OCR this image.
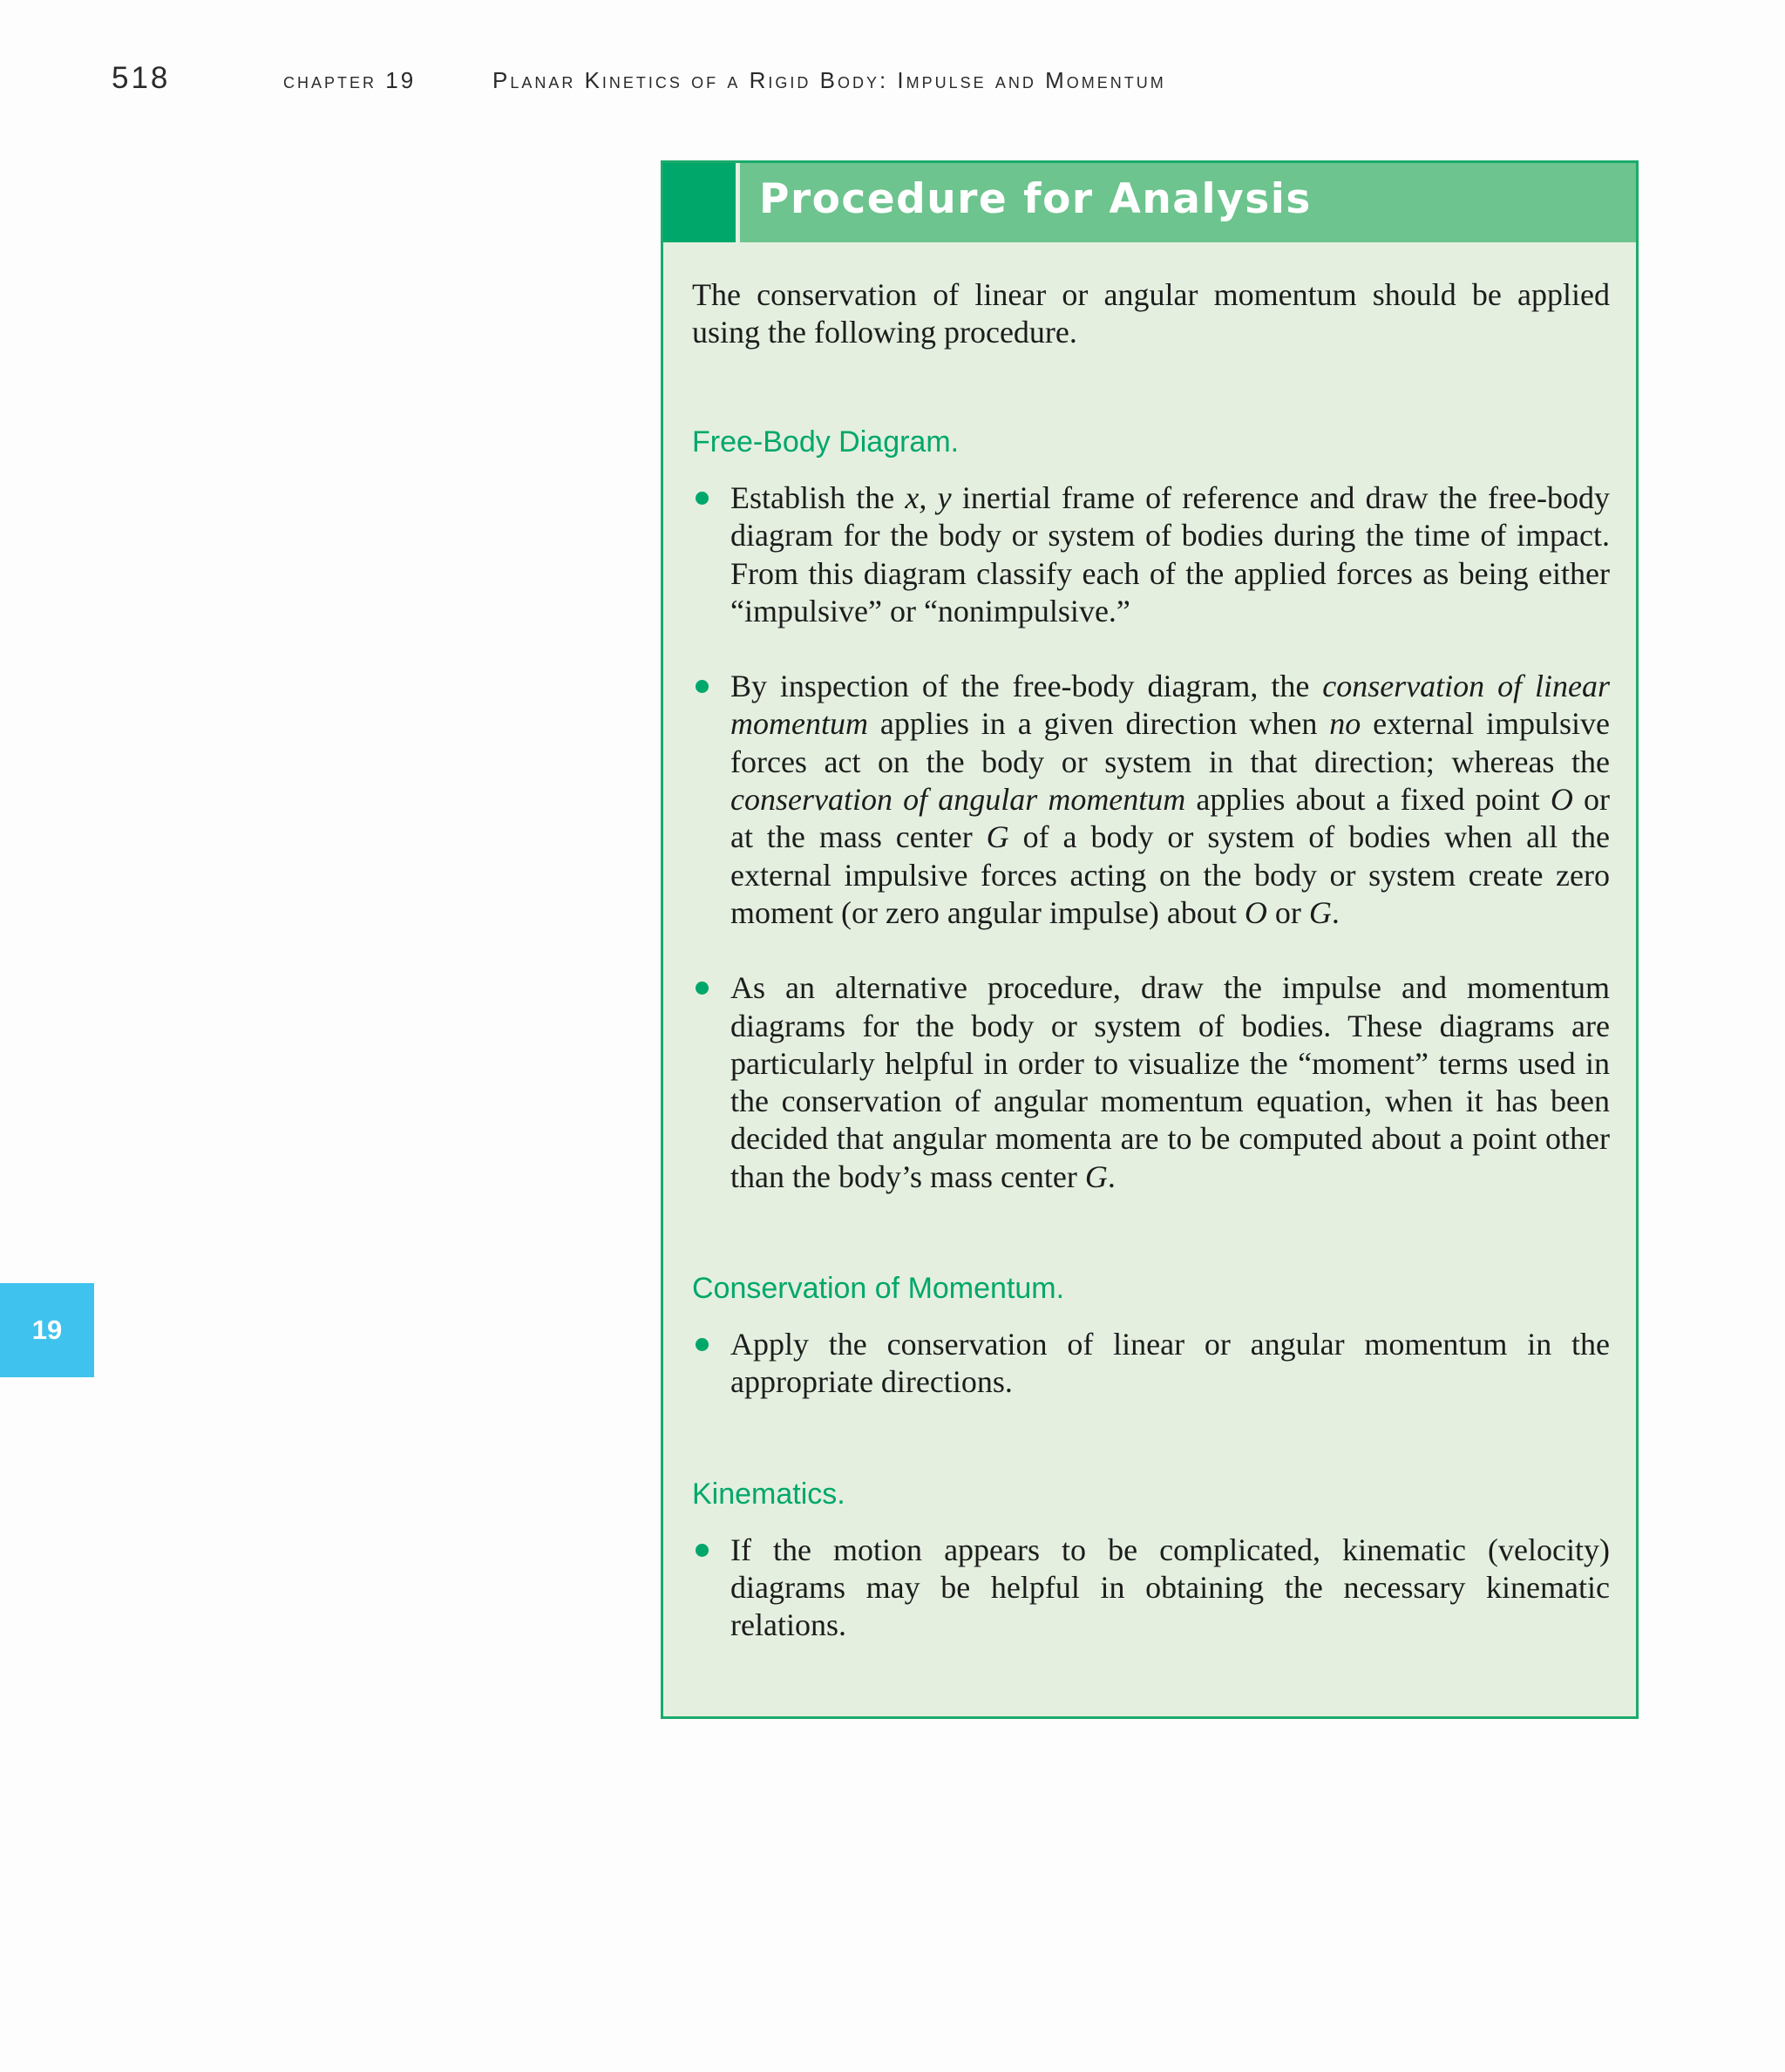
518	chapter 19	Planar Kinetics of a Rigid Body: Impulse and Momentum
19
Procedure for Analysis

The conservation of linear or angular momentum should be applied using the following procedure.

Free-Body Diagram.
Establish the x, y inertial frame of reference and draw the free-body diagram for the body or system of bodies during the time of impact. From this diagram classify each of the applied forces as being either “impulsive” or “nonimpulsive.”
By inspection of the free-body diagram, the conservation of linear momentum applies in a given direction when no external impulsive forces act on the body or system in that direction; whereas the conservation of angular momentum applies about a fixed point O or at the mass center G of a body or system of bodies when all the external impulsive forces acting on the body or system create zero moment (or zero angular impulse) about O or G.
As an alternative procedure, draw the impulse and momentum diagrams for the body or system of bodies. These diagrams are particularly helpful in order to visualize the “moment” terms used in the conservation of angular momentum equation, when it has been decided that angular momenta are to be computed about a point other than the body’s mass center G.
Conservation of Momentum.
Apply the conservation of linear or angular momentum in the appropriate directions.
Kinematics.
If the motion appears to be complicated, kinematic (velocity) diagrams may be helpful in obtaining the necessary kinematic relations.
